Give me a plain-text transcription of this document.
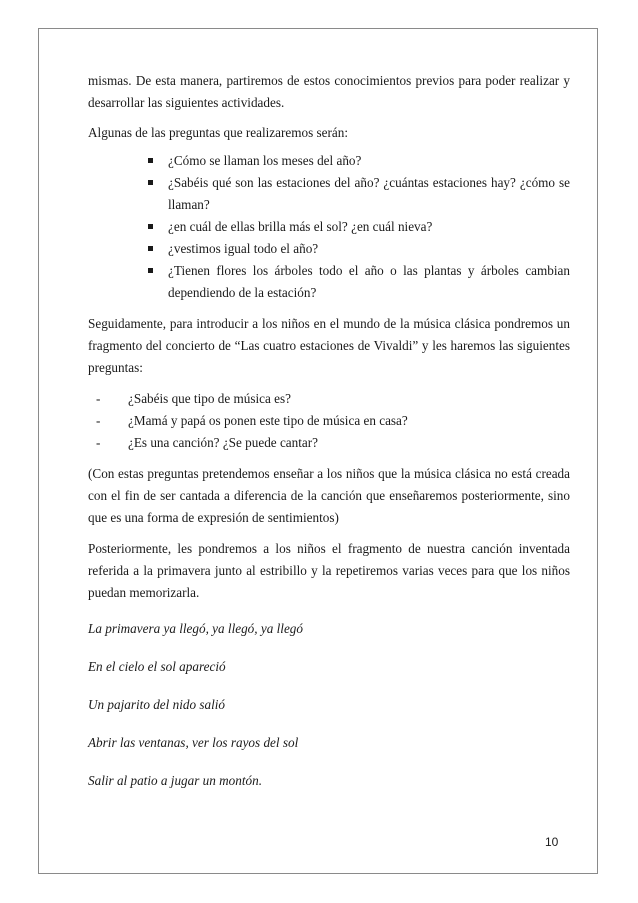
mismas. De esta manera, partiremos de estos conocimientos previos para poder realizar y desarrollar las siguientes actividades.

Algunas de las preguntas que realizaremos serán:

¿Cómo se llaman los meses del año?
¿Sabéis qué son las estaciones del año? ¿cuántas estaciones hay? ¿cómo se llaman?
¿en cuál de ellas brilla más el sol? ¿en cuál nieva?
¿vestimos igual todo el año?
¿Tienen flores los árboles todo el año o las plantas y árboles cambian dependiendo de la estación?

Seguidamente, para introducir a los niños en el mundo de la música clásica pondremos un fragmento del concierto de “Las cuatro estaciones de Vivaldi” y les haremos las siguientes preguntas:

- ¿Sabéis que tipo de música es?
- ¿Mamá y papá os ponen este tipo de música en casa?
- ¿Es una canción? ¿Se puede cantar?

(Con estas preguntas pretendemos enseñar a los niños que la música clásica no está creada con el fin de ser cantada a diferencia de la canción que enseñaremos posteriormente, sino que es una forma de expresión de sentimientos)

Posteriormente, les pondremos a los niños el fragmento de nuestra canción inventada referida a la primavera junto al estribillo y la repetiremos varias veces para que los niños puedan memorizarla.

La primavera ya llegó, ya llegó, ya llegó

En el cielo el sol apareció

Un pajarito del nido salió

Abrir las ventanas, ver los rayos del sol

Salir al patio a jugar un montón.

10
